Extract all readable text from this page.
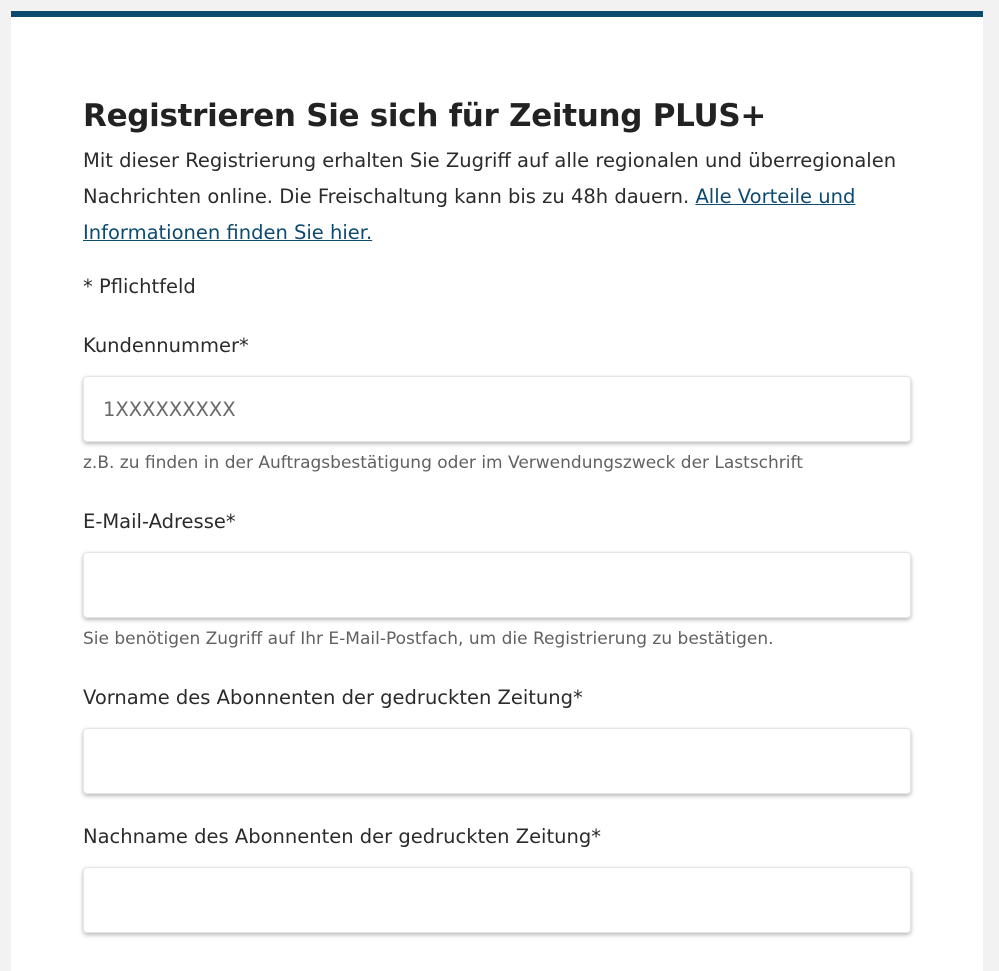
Registrieren Sie sich für Zeitung PLUS+

Mit dieser Registrierung erhalten Sie Zugriff auf alle regionalen und überregionalen Nachrichten online. Die Freischaltung kann bis zu 48h dauern. Alle Vorteile und Informationen finden Sie hier.

* Pflichtfeld
Kundennummer*
1XXXXXXXXX
z.B. zu finden in der Auftragsbestätigung oder im Verwendungszweck der Lastschrift
E-Mail-Adresse*
Sie benötigen Zugriff auf Ihr E-Mail-Postfach, um die Registrierung zu bestätigen.
Vorname des Abonnenten der gedruckten Zeitung*
Nachname des Abonnenten der gedruckten Zeitung*
